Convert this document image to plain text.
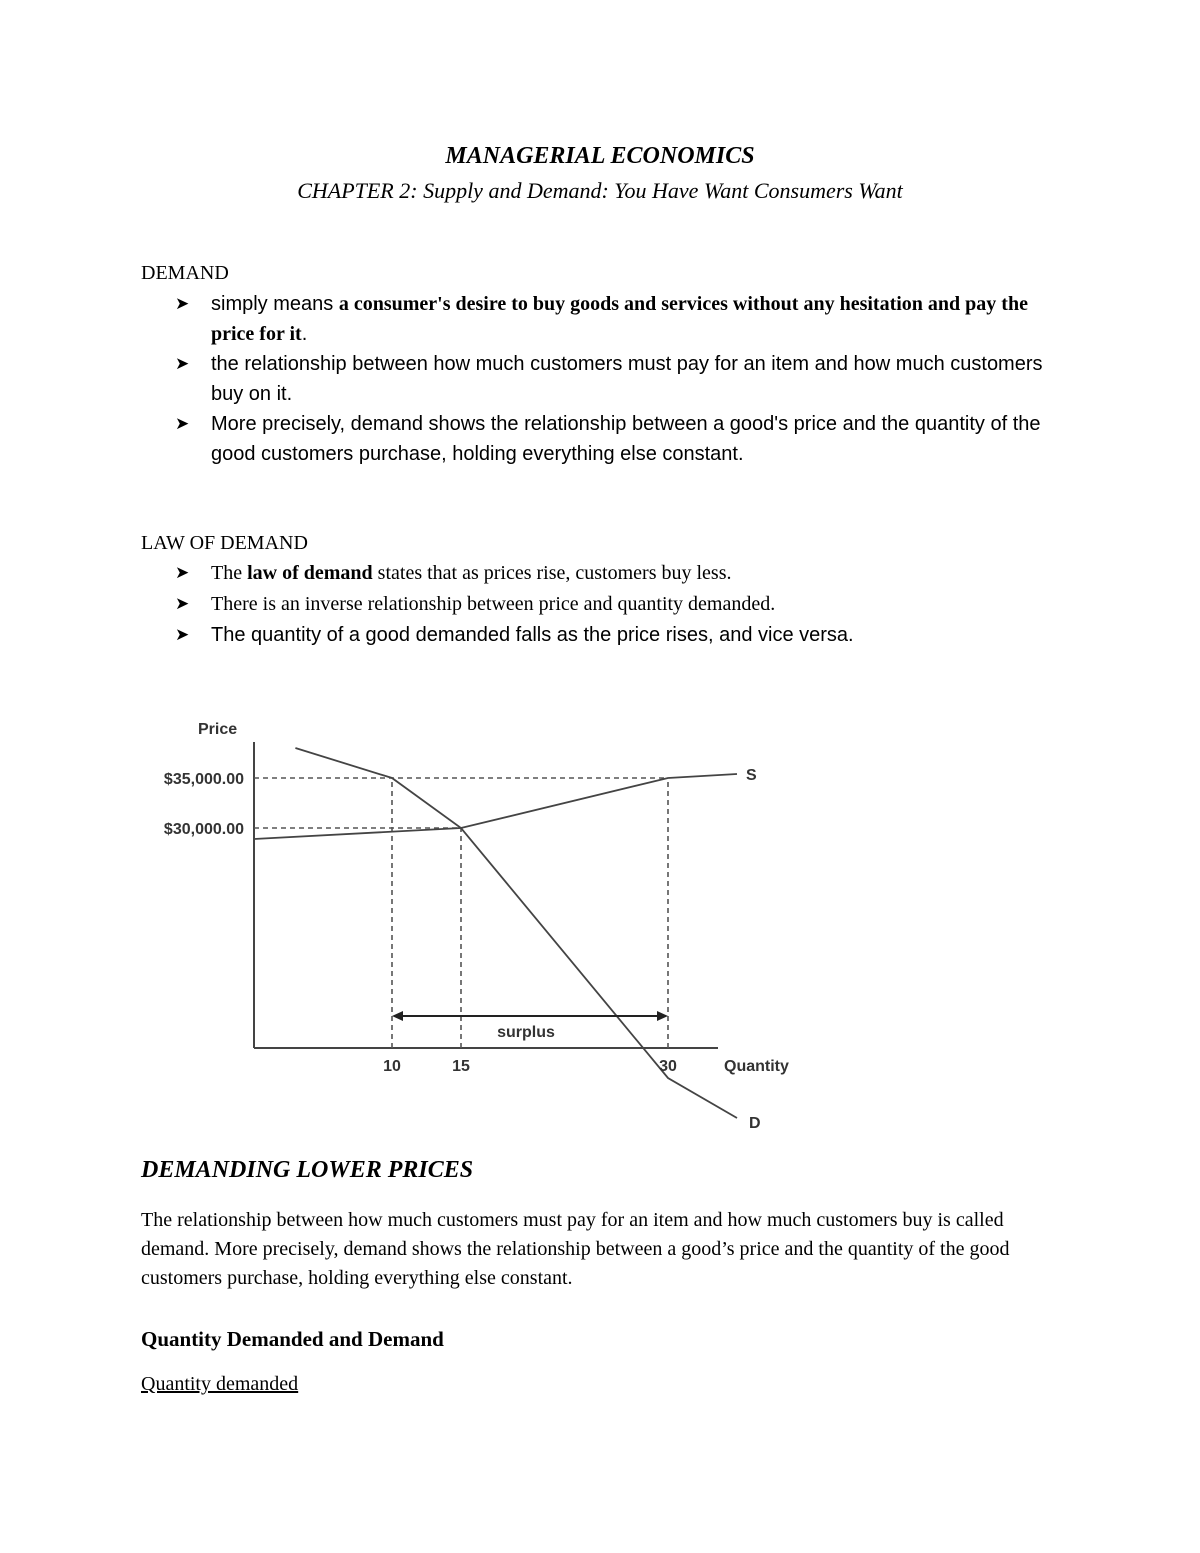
MANAGERIAL ECONOMICS
CHAPTER 2: Supply and Demand: You Have Want Consumers Want
DEMAND
➤ simply means a consumer's desire to buy goods and services without any hesitation and pay the price for it.
➤ the relationship between how much customers must pay for an item and how much customers buy on it.
➤ More precisely, demand shows the relationship between a good's price and the quantity of the good customers purchase, holding everything else constant.
LAW OF DEMAND
➤ The law of demand states that as prices rise, customers buy less.
➤ There is an inverse relationship between price and quantity demanded.
➤ The quantity of a good demanded falls as the price rises, and vice versa.
S
D
$35,000.00
$30,000.00
10	15	30
Price
Quantity
surplus
DEMANDING LOWER PRICES
The relationship between how much customers must pay for an item and how much customers buy is called demand. More precisely, demand shows the relationship between a good’s price and the quantity of the good customers purchase, holding everything else constant.
Quantity Demanded and Demand
Quantity demanded
